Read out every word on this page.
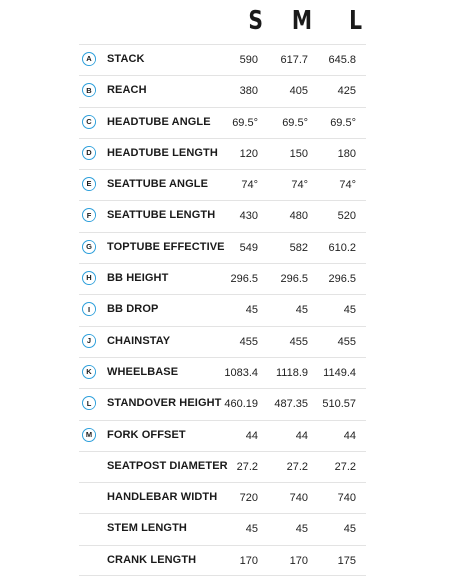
S	M	L
A STACK	590 617.7 645.8
B REACH	380	405	425
C HEADTUBE ANGLE 69.5° 69.5° 69.5°
D HEADTUBE LENGTH 120	150	180
E SEATTUBE ANGLE	74°	74°	74°
F SEATTUBE LENGTH 430	480	520
G TOPTUBE EFFECTIVE 549	582 610.2
H BB HEIGHT	296.5 296.5 296.5
I	BB DROP	45	45	45
J	CHAINSTAY	455	455	455
K WHEELBASE	1083.4 1118.9 1149.4
L STANDOVER HEIGHT 460.19 487.35 510.57
M FORK OFFSET	44	44	44
SEATPOST DIAMETER 27.2	27.2 27.2
HANDLEBAR WIDTH 720	740	740
STEM LENGTH	45	45	45
CRANK LENGTH	170	170	175
